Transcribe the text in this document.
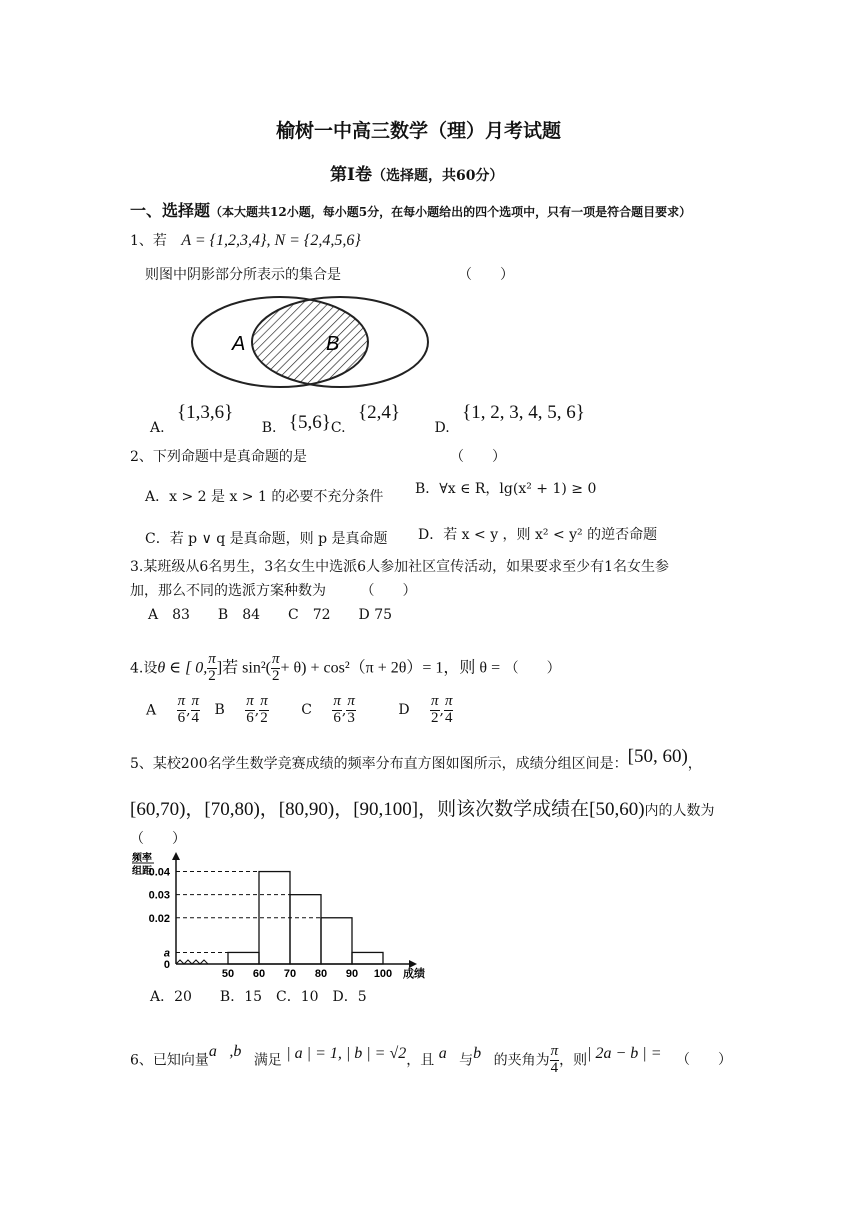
榆树一中高三数学（理）月考试题
第Ⅰ卷（选择题，共60分）
一、选择题（本大题共12小题，每小题5分，在每小题给出的四个选项中，只有一项是符合题目要求）
1、若 A = {1,2,3,4}, N = {2,4,5,6}
则图中阴影部分所表示的集合是	（　　）
A	B
A. {1,3,6} B. {5,6}C. {2,4} D. {1, 2, 3, 4, 5, 6}
2、下列命题中是真命题的是	（　　）
A．x > 2 是 x > 1 的必要不充分条件 B．∀x ∈ R，lg(x² + 1) ≥ 0
C．若 p ∨ q 是真命题，则 p 是真命题 D．若 x < y ，则 x² < y² 的逆否命题
3.某班级从6名男生，3名女生中选派6人参加社区宣传活动，如果要求至少有1名女生参
加，那么不同的选派方案种数为 （　　）
A　83　　B　84　　C　72　　D 75
4.设θ ∈ [ 0, $\frac{\pi}{2}$ ]若 $\sin^2( \frac{\pi}{2} + \theta) + \cos^2(\pi + 2\theta)= 1$，则 θ = （　　）
A $\frac{\pi}{6}$ , $\frac{\pi}{4}$ B $\frac{\pi}{6}$ , $\frac{\pi}{2}$ C $\frac{\pi}{6}$ , $\frac{\pi}{3}$	D $\frac{\pi}{2}$ , $\frac{\pi}{4}$
5、某校200名学生数学竞赛成绩的频率分布直方图如图所示，成绩分组区间是：[50, 60)，
[60,70)，[70,80)，[80,90)，[90,100]，则该次数学成绩在[50,60)内的人数为
（　　）
频率
组距
0.04
0.03
0.02
a
0
50 60 70 80 90 100 成绩
A．20　　B．15　C．10　D．5
6、已知向量a⃗,b⃗满足 | a | = 1, | b | = √2，且 a⃗与b⃗的夹角为 $\frac{\pi}{4}$ ，则| 2a − b | = （　　）
